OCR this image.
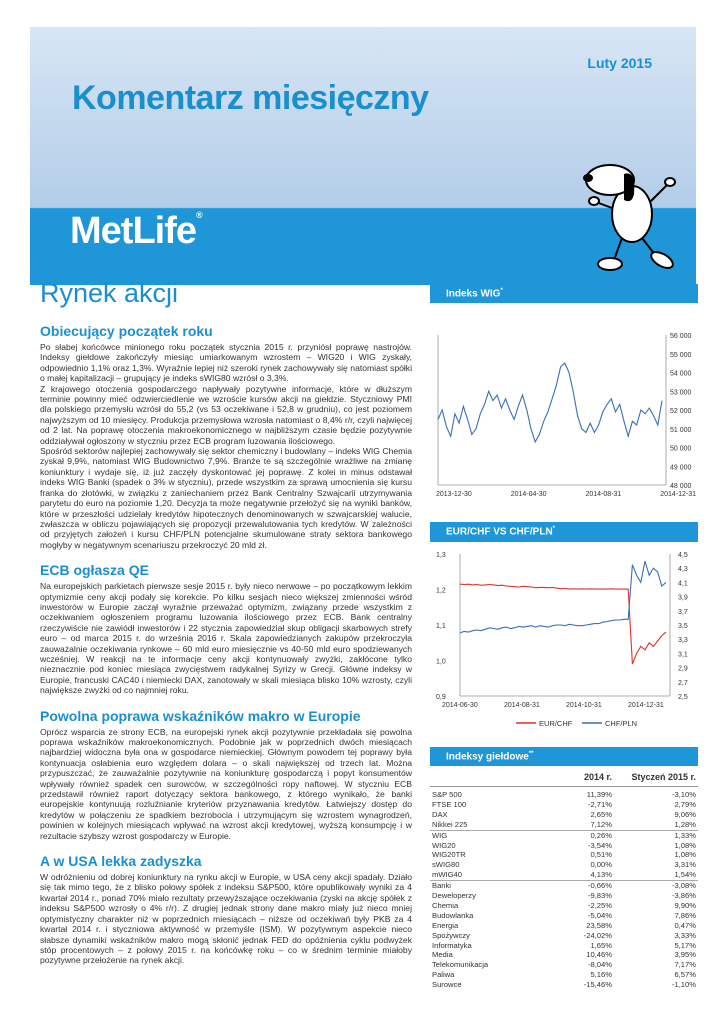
Luty 2015
Komentarz miesięczny
MetLife®
Rynek akcji
Obiecujący początek roku

Po słabej końcówce minionego roku początek stycznia 2015 r. przyniósł poprawę nastrojów. Indeksy giełdowe zakończyły miesiąc umiarkowanym wzrostem – WIG20 i WIG zyskały, odpowiednio 1,1% oraz 1,3%. Wyraźnie lepiej niż szeroki rynek zachowywały się natomiast spółki o małej kapitalizacji – grupujący je indeks sWIG80 wzrósł o 3,3%.

Z krajowego otoczenia gospodarczego napływały pozytywne informacje, które w dłuższym terminie powinny mieć odzwierciedlenie we wzroście kursów akcji na giełdzie. Styczniowy PMI dla polskiego przemysłu wzrósł do 55,2 (vs 53 oczekiwane i 52,8 w grudniu), co jest poziomem najwyższym od 10 miesięcy. Produkcja przemysłowa wzrosła natomiast o 8,4% r/r, czyli najwięcej od 2 lat. Na poprawę otoczenia makroekonomicznego w najbliższym czasie będzie pozytywnie oddziaływał ogłoszony w styczniu przez ECB program luzowania ilościowego.

Spośród sektorów najlepiej zachowywały się sektor chemiczny i budowlany – indeks WIG Chemia zyskał 9,9%, natomiast WIG Budownictwo 7,9%. Branże te są szczególnie wrażliwe na zmianę koniunktury i wydaje się, iż już zaczęły dyskontować jej poprawę. Z kolei in minus odstawał indeks WIG Banki (spadek o 3% w styczniu), przede wszystkim za sprawą umocnienia się kursu franka do złotówki, w związku z zaniechaniem przez Bank Centralny Szwajcarii utrzymywania parytetu do euro na poziomie 1,20. Decyzja ta może negatywnie przełożyć się na wyniki banków, które w przeszłości udzielały kredytów hipotecznych denominowanych w szwajcarskiej walucie, zwłaszcza w obliczu pojawiających się propozycji przewalutowania tych kredytów. W zależności od przyjętych założeń i kursu CHF/PLN potencjalne skumulowane straty sektora bankowego mogłyby w negatywnym scenariuszu przekroczyć 20 mld zł.

ECB ogłasza QE

Na europejskich parkietach pierwsze sesje 2015 r. były nieco nerwowe – po początkowym lekkim optymizmie ceny akcji podały się korekcie. Po kilku sesjach nieco większej zmienności wśród inwestorów w Europie zaczął wyraźnie przeważać optymizm, związany przede wszystkim z oczekiwaniem ogłoszeniem programu luzowania ilościowego przez ECB. Bank centralny rzeczywiście nie zawiódł inwestorów i 22 stycznia zapowiedział skup obligacji skarbowych strefy euro – od marca 2015 r. do września 2016 r. Skala zapowiedzianych zakupów przekroczyła zauważalnie oczekiwania rynkowe – 60 mld euro miesięcznie vs 40-50 mld euro spodziewanych wcześniej. W reakcji na te informacje ceny akcji kontynuowały zwyżki, zakłócone tylko nieznacznie pod koniec miesiąca zwycięstwem radykalnej Syrizy w Grecji. Główne indeksy w Europie, francuski CAC40 i niemiecki DAX, zanotowały w skali miesiąca blisko 10% wzrosty, czyli największe zwyżki od co najmniej roku.

Powolna poprawa wskaźników makro w Europie

Oprócz wsparcia ze strony ECB, na europejski rynek akcji pozytywnie przekładała się powolna poprawa wskaźników makroekonomicznych. Podobnie jak w poprzednich dwóch miesiącach najbardziej widoczna była ona w gospodarce niemieckiej. Głównym powodem tej poprawy była kontynuacja osłabienia euro względem dolara – o skali największej od trzech lat. Można przypuszczać, że zauważalnie pozytywnie na koniunkturę gospodarczą i popyt konsumentów wpływały również spadek cen surowców, w szczególności ropy naftowej. W styczniu ECB przedstawił również raport dotyczący sektora bankowego, z którego wynikało, że banki europejskie kontynuują rozluźnianie kryteriów przyznawania kredytów. Łatwiejszy dostęp do kredytów w połączeniu ze spadkiem bezrobocia i utrzymującym się wzrostem wynagrodzeń, powinien w kolejnych miesiącach wpływać na wzrost akcji kredytowej, wyższą konsumpcję i w rezultacie szybszy wzrost gospodarczy w Europie.

A w USA lekka zadyszka

W odróżnieniu od dobrej koniunktury na rynku akcji w Europie, w USA ceny akcji spadały. Działo się tak mimo tego, że z blisko połowy spółek z indeksu S&P500, które opublikowały wyniki za 4 kwartał 2014 r., ponad 70% miało rezultaty przewyższające oczekiwania (zyski na akcję spółek z indeksu S&P500 wzrosły o 4% r/r). Z drugiej jednak strony dane makro miały już nieco mniej optymistyczny charakter niż w poprzednich miesiącach – niższe od oczekiwań były PKB za 4 kwartał 2014 r. i styczniowa aktywność w przemyśle (ISM). W pozytywnym aspekcie nieco słabsze dynamiki wskaźników makro mogą skłonić jednak FED do opóźnienia cyklu podwyżek stóp procentowych – z połowy 2015 r. na końcówkę roku – co w średnim terminie miałoby pozytywne przełożenie na rynek akcji.

Indeks WIG*
48 000
49 000
50 000
51 000
52 000
53 000
54 000
55 000
56 000
2013-12-30	2014-04-30	2014-08-31	2014-12-31
EUR/CHF VS CHF/PLN*
0,9
1,0
1,1
1,2
1,3
2,5
2,7
2,9
3,1
3,3
3,5
3,7
3,9
4,1
4,3
4,5
2014-06-30	2014-08-31	2014-10-31	2014-12-31
EUR/CHF	CHF/PLN
Indeksy giełdowe**
	2014 r.	Styczeń 2015 r.
S&P 500	11,39%	-3,10%
FTSE 100	-2,71%	2,79%
DAX	2,65%	9,06%
Nikkei 225	7,12%	1,28%
WIG	0,26%	1,33%
WIG20	-3,54%	1,08%
WIG20TR	0,51%	1,08%
sWIG80	0,00%	3,31%
mWIG40	4,13%	1,54%
Banki	-0,66%	-3,08%
Deweloperzy	-9,83%	-3,86%
Chemia	-2,25%	9,90%
Budowlanka	-5,04%	7,86%
Energia	23,58%	0,47%
Spożywczy	-24,02%	3,33%
Informatyka	1,65%	5,17%
Media	10,46%	3,95%
Telekomunikacja	-8,04%	7,17%
Paliwa	5,16%	6,57%
Surowce	-15,46%	-1,10%
